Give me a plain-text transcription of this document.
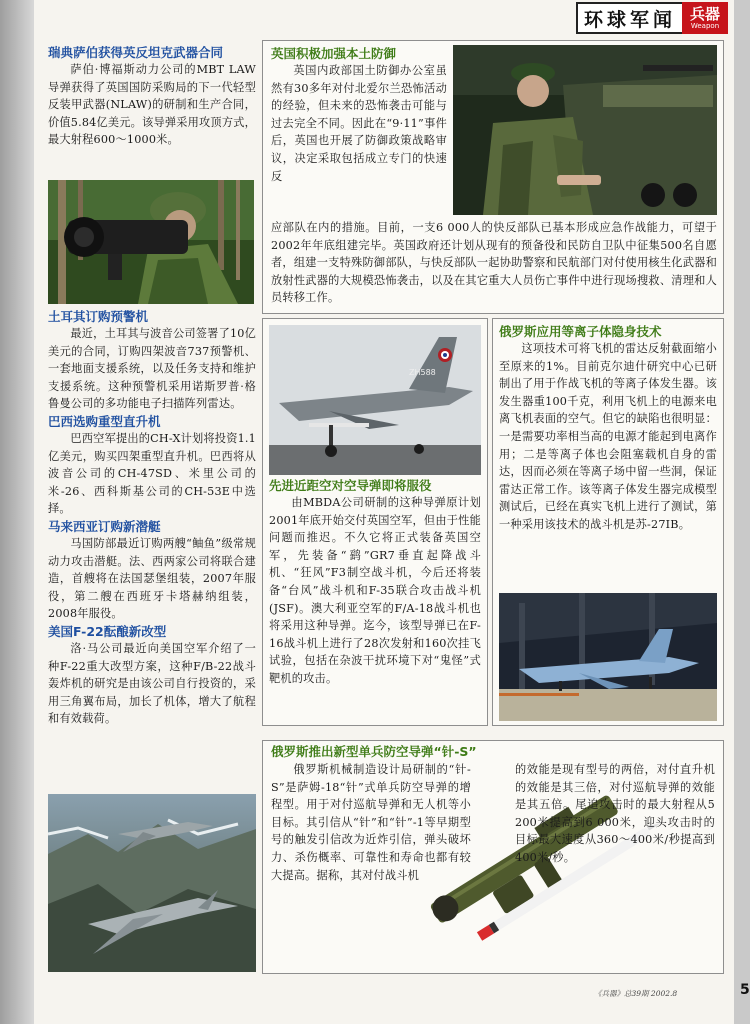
环球军闻 兵器
Weapon
瑞典萨伯获得英反坦克武器合同

萨伯·博福斯动力公司的MBT LAW导弹获得了英国国防采购局的下一代轻型反装甲武器(NLAW)的研制和生产合同，价值5.84亿美元。该导弹采用攻顶方式，最大射程600～1000米。

土耳其订购预警机

最近，土耳其与波音公司签署了10亿美元的合同，订购四架波音737预警机、一套地面支援系统，以及任务支持和维护支援系统。这种预警机采用诺斯罗普·格鲁曼公司的多功能电子扫描阵列雷达。

巴西选购重型直升机

巴西空军提出的CH-X计划将投资1.1亿美元，购买四架重型直升机。巴西将从波音公司的CH-47SD、米里公司的米-26、西科斯基公司的CH-53E中选择。

马来西亚订购新潜艇

马国防部最近订购两艘“鲉鱼”级常规动力攻击潜艇。法、西两家公司将联合建造，首艘将在法国瑟堡组装，2007年服役，第二艘在西班牙卡塔赫纳组装，2008年服役。

美国F-22酝酿新改型

洛·马公司最近向美国空军介绍了一种F-22重大改型方案，这种F/B-22战斗轰炸机的研究是由该公司自行投资的，采用三角翼布局，加长了机体，增大了航程和有效载荷。

英国积极加强本土防御

英国内政部国土防御办公室虽然有30多年对付北爱尔兰恐怖活动的经验，但未来的恐怖袭击可能与过去完全不同。因此在“9·11”事件后，英国也开展了防御政策战略审议，决定采取包括成立专门的快速反

应部队在内的措施。目前，一支6 000人的快反部队已基本形成应急作战能力，可望于2002年年底组建完毕。英国政府还计划从现有的预备役和民防自卫队中征集500名自愿者，组建一支特殊防御部队，与快反部队一起协助警察和民航部门对付使用核生化武器和放射性武器的大规模恐怖袭击，以及在其它重大人员伤亡事件中进行现场搜救、清理和人员转移工作。

ZH588
先进近距空对空导弹即将服役

由MBDA公司研制的这种导弹原计划2001年底开始交付英国空军，但由于性能问题而推迟。不久它将正式装备英国空军，先装备“鹞”GR7垂直起降战斗机、“狂风”F3制空战斗机，今后还将装备“台风”战斗机和F-35联合攻击战斗机(JSF)。澳大利亚空军的F/A-18战斗机也将采用这种导弹。迄今，该型导弹已在F-16战斗机上进行了28次发射和160次挂飞试验，包括在杂波干扰环境下对“鬼怪”式靶机的攻击。

俄罗斯应用等离子体隐身技术

这项技术可将飞机的雷达反射截面缩小至原来的1%。目前克尔迪什研究中心已研制出了用于作战飞机的等离子体发生器。该发生器重100千克，利用飞机上的电源来电离飞机表面的空气。但它的缺陷也很明显：一是需要功率相当高的电源才能起到电离作用；二是等离子体也会阻塞载机自身的雷达，因而必须在等离子场中留一些洞，保证雷达正常工作。该等离子体发生器完成模型测试后，已经在真实飞机上进行了测试，第一种采用该技术的战斗机是苏-27IB。

俄罗斯推出新型单兵防空导弹“针-S”

俄罗斯机械制造设计局研制的“针-S”是萨姆-18“针”式单兵防空导弹的增程型。用于对付巡航导弹和无人机等小目标。其引信从“针”和“针”-1等早期型号的触发引信改为近炸引信，弹头破坏力、杀伤概率、可靠性和寿命也都有较大提高。据称，其对付战斗机

的效能是现有型号的两倍，对付直升机的效能是其三倍，对付巡航导弹的效能是其五倍。尾追攻击时的最大射程从5 200米提高到6 000米，迎头攻击时的目标最大速度从360～400米/秒提高到400米/秒。

《兵器》总39期 2002.8	5
